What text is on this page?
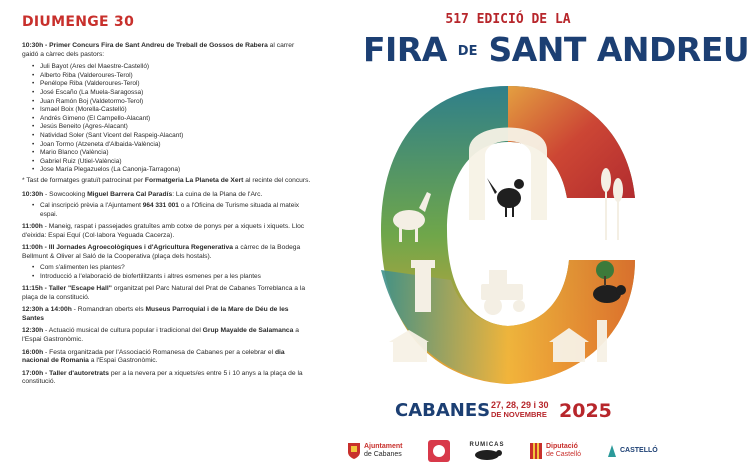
DIUMENGE 30
10:30h - Primer Concurs Fira de Sant Andreu de Treball de Gossos de Rabera al carrer gaidó a càrrec dels pastors:
• Juli Bayot (Ares del Maestre-Castelló)
• Alberto Riba (Valderoures-Terol)
• Penélope Riba (Valderoures-Terol)
• José Escaño (La Muela-Saragossa)
• Juan Ramón Boj (Valdetormo-Terol)
• Ismael Boix (Morella-Castelló)
• Andrés Gimeno (El Campello-Alacant)
• Jesús Beneito (Agres-Alacant)
• Natividad Soler (Sant Vicent del Raspeig-Alacant)
• Joan Tormo (Atzeneta d'Albaida-València)
• Mario Blanco (València)
• Gabriel Ruiz (Utiel-València)
• Jose María Plegazuelos (La Canonja-Tarragona)
* Tast de formatges gratuït patrocinat per Formatgeria La Planeta de Xert al recinte del concurs.
10:30h - Sowcooking Miguel Barrera Cal Paradís: La cuina de la Plana de l'Arc.
• Cal inscripció prèvia a l'Ajuntament 964 331 001 o a l'Oficina de Turisme situada al mateix espai.
11:00h - Maneig, raspat i passejades gratuïtes amb cotxe de ponys per a xiquets i xiquets. Lloc d'eixida: Espai Equí (Col·labora Yeguada Cacerza).
11:00h - III Jornades Agroecològiques i d'Agricultura Regenerativa a càrrec de la Bodega Bellmunt & Oliver al Saló de la Cooperativa (plaça dels hostals).
• Com s'alimenten les plantes?
• Introducció a l'elaboració de biofertilitzants i altres esmenes per a les plantes
11:15h - Taller "Escape Hall" organitzat pel Parc Natural del Prat de Cabanes Torreblanca a la plaça de la constitució.
12:30h a 14:00h - Romandran oberts els Museus Parroquial i de la Mare de Déu de les Santes
12:30h - Actuació musical de cultura popular i tradicional del Grup Mayalde de Salamanca a l'Espai Gastronòmic.
16:00h - Festa organitzada per l'Associació Romanesa de Cabanes per a celebrar el dia nacional de Romania a l'Espai Gastronòmic.
17:00h - Taller d'autoretrats per a la nevera per a xiquets/es entre 5 i 10 anys a la plaça de la constitució.
517 EDICIÓ DE LA
FIRA DE SANT ANDREU
CABANES 27, 28, 29 i 30
DE NOVEMBRE 2025
Ajuntament
de Cabanes
RUMICAS	Diputació
de Castelló
CASTELLÓ
